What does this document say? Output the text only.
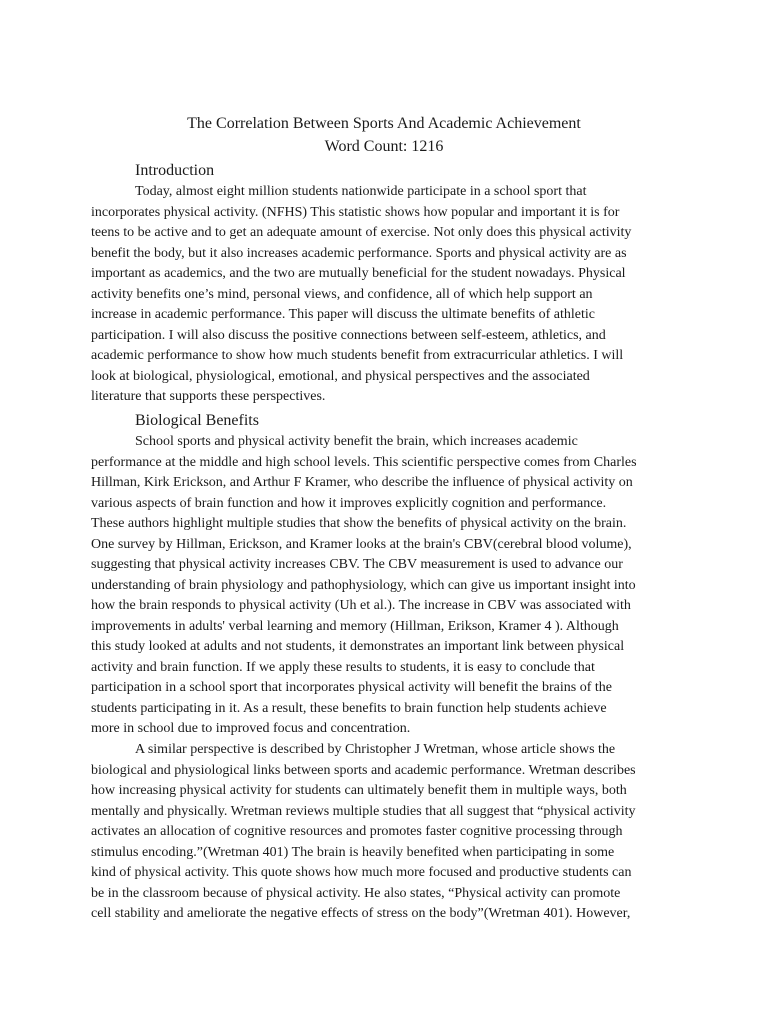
The Correlation Between Sports And Academic Achievement
Word Count: 1216
Introduction
Today, almost eight million students nationwide participate in a school sport that
incorporates physical activity. (NFHS) This statistic shows how popular and important it is for
teens to be active and to get an adequate amount of exercise. Not only does this physical activity
benefit the body, but it also increases academic performance. Sports and physical activity are as
important as academics, and the two are mutually beneficial for the student nowadays. Physical
activity benefits one’s mind, personal views, and confidence, all of which help support an
increase in academic performance. This paper will discuss the ultimate benefits of athletic
participation. I will also discuss the positive connections between self-esteem, athletics, and
academic performance to show how much students benefit from extracurricular athletics. I will
look at biological, physiological, emotional, and physical perspectives and the associated
literature that supports these perspectives.
Biological Benefits
School sports and physical activity benefit the brain, which increases academic
performance at the middle and high school levels. This scientific perspective comes from Charles
Hillman, Kirk Erickson, and Arthur F Kramer, who describe the influence of physical activity on
various aspects of brain function and how it improves explicitly cognition and performance.
These authors highlight multiple studies that show the benefits of physical activity on the brain.
One survey by Hillman, Erickson, and Kramer looks at the brain's CBV(cerebral blood volume),
suggesting that physical activity increases CBV. The CBV measurement is used to advance our
understanding of brain physiology and pathophysiology, which can give us important insight into
how the brain responds to physical activity (Uh et al.). The increase in CBV was associated with
improvements in adults' verbal learning and memory (Hillman, Erikson, Kramer 4 ). Although
this study looked at adults and not students, it demonstrates an important link between physical
activity and brain function. If we apply these results to students, it is easy to conclude that
participation in a school sport that incorporates physical activity will benefit the brains of the
students participating in it. As a result, these benefits to brain function help students achieve
more in school due to improved focus and concentration.
A similar perspective is described by Christopher J Wretman, whose article shows the
biological and physiological links between sports and academic performance. Wretman describes
how increasing physical activity for students can ultimately benefit them in multiple ways, both
mentally and physically. Wretman reviews multiple studies that all suggest that “physical activity
activates an allocation of cognitive resources and promotes faster cognitive processing through
stimulus encoding.”(Wretman 401) The brain is heavily benefited when participating in some
kind of physical activity. This quote shows how much more focused and productive students can
be in the classroom because of physical activity. He also states, “Physical activity can promote
cell stability and ameliorate the negative effects of stress on the body”(Wretman 401). However,
